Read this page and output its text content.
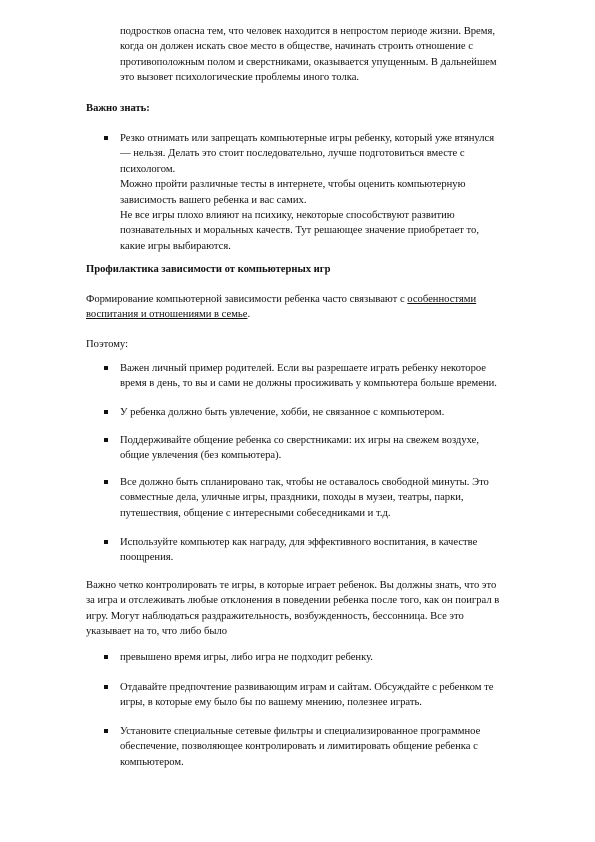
подростков опасна тем, что человек находится в непростом периоде жизни. Время,
когда он должен искать свое место в обществе, начинать строить отношение с
противоположным полом и сверстниками, оказывается упущенным. В дальнейшем
это вызовет психологические проблемы иного толка.
Важно знать:
Резко отнимать или запрещать компьютерные игры ребенку, который уже втянулся
— нельзя. Делать это стоит последовательно, лучше подготовиться вместе с
психологом.
Можно пройти различные тесты в интернете, чтобы оценить компьютерную
зависимость вашего ребенка и вас самих.
Не все игры плохо влияют на психику, некоторые способствуют развитию
познавательных и моральных качеств. Тут решающее значение приобретает то,
какие игры выбираются.
Профилактика зависимости от компьютерных игр
Формирование компьютерной зависимости ребенка часто связывают с особенностями
воспитания и отношениями в семье.
Поэтому:
Важен личный пример родителей. Если вы разрешаете играть ребенку некоторое
время в день, то вы и сами не должны просиживать у компьютера больше времени.
У ребенка должно быть увлечение, хобби, не связанное с компьютером.
Поддерживайте общение ребенка со сверстниками: их игры на свежем воздухе,
общие увлечения (без компьютера).
Все должно быть спланировано так, чтобы не оставалось свободной минуты. Это
совместные дела, уличные игры, праздники, походы в музеи, театры, парки,
путешествия, общение с интересными собеседниками и т.д.
Используйте компьютер как награду, для эффективного воспитания, в качестве
поощрения.
Важно четко контролировать те игры, в которые играет ребенок. Вы должны знать, что это
за игра и отслеживать любые отклонения в поведении ребенка после того, как он поиграл в
игру. Могут наблюдаться раздражительность, возбужденность, бессонница. Все это
указывает на то, что либо было
превышено время игры, либо игра не подходит ребенку.
Отдавайте предпочтение развивающим играм и сайтам. Обсуждайте с ребенком те
игры, в которые ему было бы по вашему мнению, полезнее играть.
Установите специальные сетевые фильтры и специализированное программное
обеспечение, позволяющее контролировать и лимитировать общение ребенка с
компьютером.
